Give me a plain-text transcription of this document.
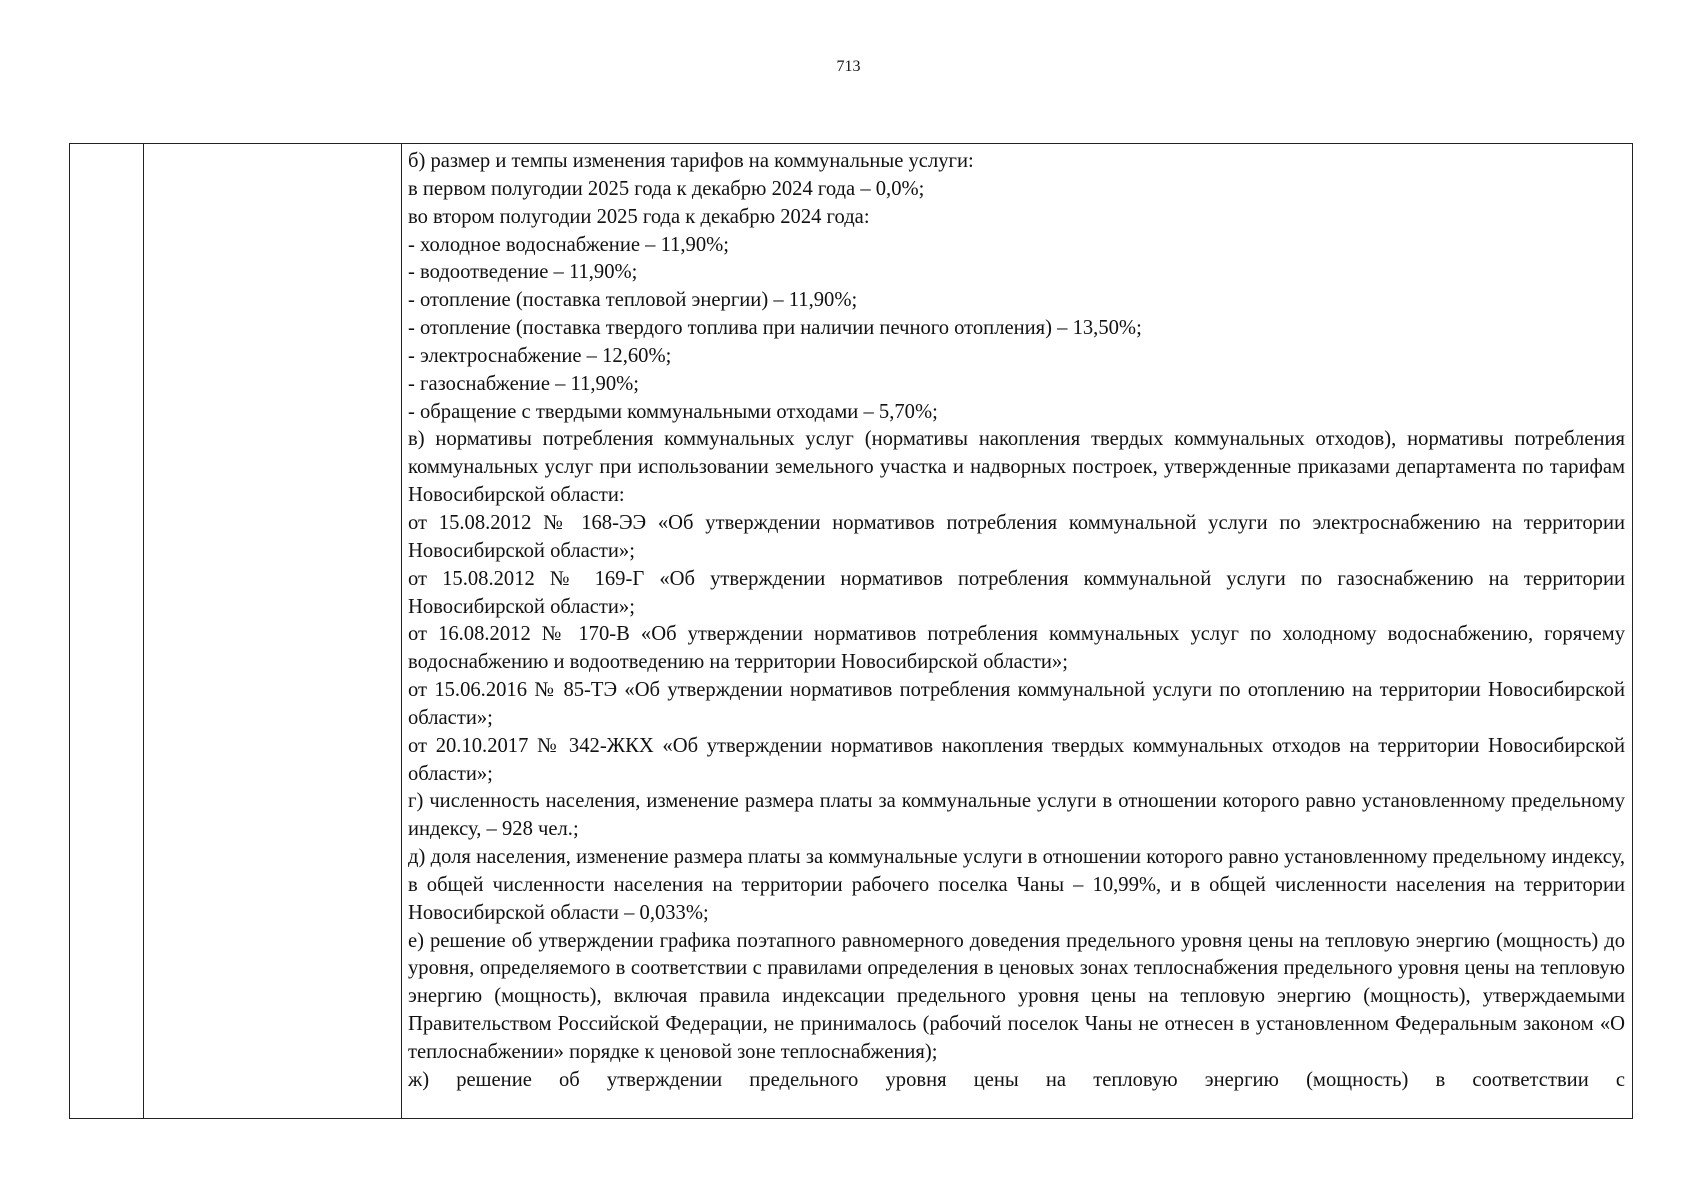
713
б) размер и темпы изменения тарифов на коммунальные услуги:
в первом полугодии 2025 года к декабрю 2024 года – 0,0%;
во втором полугодии 2025 года к декабрю 2024 года:
- холодное водоснабжение – 11,90%;
- водоотведение – 11,90%;
- отопление (поставка тепловой энергии) – 11,90%;
- отопление (поставка твердого топлива при наличии печного отопления) – 13,50%;
- электроснабжение – 12,60%;
- газоснабжение – 11,90%;
- обращение с твердыми коммунальными отходами – 5,70%;
в) нормативы потребления коммунальных услуг (нормативы накопления твердых коммунальных отходов), нормативы потребления коммунальных услуг при использовании земельного участка и надворных построек, утвержденные приказами департамента по тарифам Новосибирской области:
от 15.08.2012 № 168-ЭЭ «Об утверждении нормативов потребления коммунальной услуги по электроснабжению на территории Новосибирской области»;
от 15.08.2012 № 169-Г «Об утверждении нормативов потребления коммунальной услуги по газоснабжению на территории Новосибирской области»;
от 16.08.2012 № 170-В «Об утверждении нормативов потребления коммунальных услуг по холодному водоснабжению, горячему водоснабжению и водоотведению на территории Новосибирской области»;
от 15.06.2016 № 85-ТЭ «Об утверждении нормативов потребления коммунальной услуги по отоплению на территории Новосибирской области»;
от 20.10.2017 № 342-ЖКХ «Об утверждении нормативов накопления твердых коммунальных отходов на территории Новосибирской области»;
г) численность населения, изменение размера платы за коммунальные услуги в отношении которого равно установленному предельному индексу, – 928 чел.;
д) доля населения, изменение размера платы за коммунальные услуги в отношении которого равно установленному предельному индексу, в общей численности населения на территории рабочего поселка Чаны – 10,99%, и в общей численности населения на территории Новосибирской области – 0,033%;
е) решение об утверждении графика поэтапного равномерного доведения предельного уровня цены на тепловую энергию (мощность) до уровня, определяемого в соответствии с правилами определения в ценовых зонах теплоснабжения предельного уровня цены на тепловую энергию (мощность), включая правила индексации предельного уровня цены на тепловую энергию (мощность), утверждаемыми Правительством Российской Федерации, не принималось (рабочий поселок Чаны не отнесен в установленном Федеральным законом «О теплоснабжении» порядке к ценовой зоне теплоснабжения);
ж) решение об утверждении предельного уровня цены на тепловую энергию (мощность) в соответствии с
